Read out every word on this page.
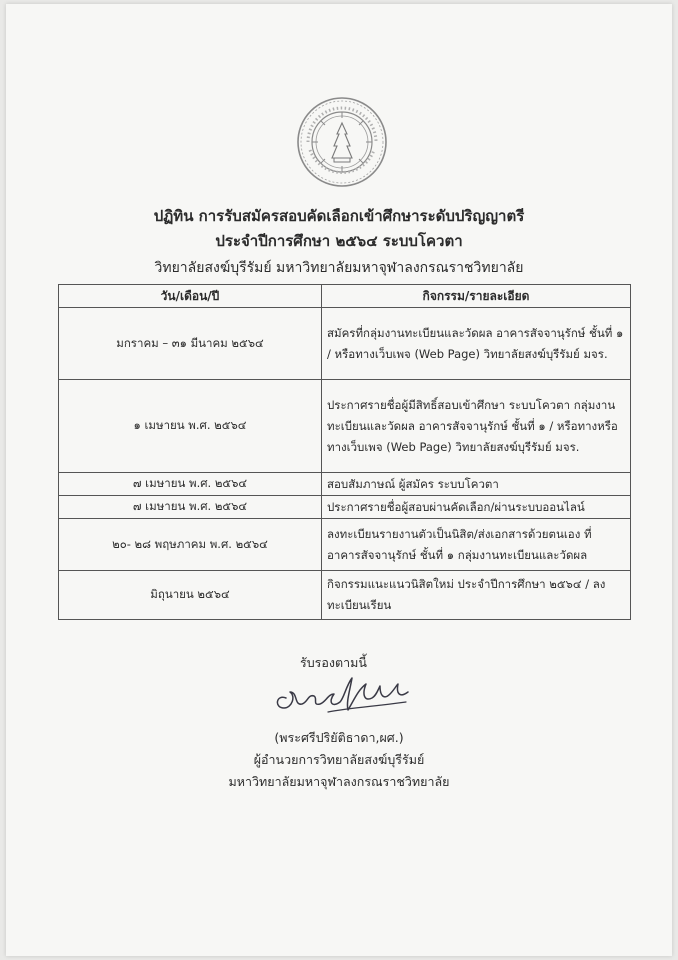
ปฏิทิน การรับสมัครสอบคัดเลือกเข้าศึกษาระดับปริญญาตรี
ประจำปีการศึกษา ๒๕๖๔ ระบบโควตา
วิทยาลัยสงฆ์บุรีรัมย์ มหาวิทยาลัยมหาจุฬาลงกรณราชวิทยาลัย
วัน/เดือน/ปี	กิจกรรม/รายละเอียด
มกราคม – ๓๑ มีนาคม ๒๕๖๔	สมัครที่กลุ่มงานทะเบียนและวัดผล อาคารสัจจานุรักษ์ ชั้นที่ ๑ / หรือทางเว็บเพจ (Web Page) วิทยาลัยสงฆ์บุรีรัมย์ มจร.
๑ เมษายน พ.ศ. ๒๕๖๔	ประกาศรายชื่อผู้มีสิทธิ์สอบเข้าศึกษา ระบบโควตา กลุ่มงานทะเบียนและวัดผล อาคารสัจจานุรักษ์ ชั้นที่ ๑ / หรือทางหรือทางเว็บเพจ (Web Page) วิทยาลัยสงฆ์บุรีรัมย์ มจร.
๗ เมษายน พ.ศ. ๒๕๖๔	สอบสัมภาษณ์ ผู้สมัคร ระบบโควตา
๗ เมษายน พ.ศ. ๒๕๖๔	ประกาศรายชื่อผู้สอบผ่านคัดเลือก/ผ่านระบบออนไลน์
๒๐- ๒๘ พฤษภาคม พ.ศ. ๒๕๖๔	ลงทะเบียนรายงานตัวเป็นนิสิต/ส่งเอกสารด้วยตนเอง ที่อาคารสัจจานุรักษ์ ชั้นที่ ๑ กลุ่มงานทะเบียนและวัดผล
มิถุนายน ๒๕๖๔	กิจกรรมแนะแนวนิสิตใหม่ ประจำปีการศึกษา ๒๕๖๔ / ลงทะเบียนเรียน
รับรองตามนี้
(พระศรีปริยัติธาดา,ผศ.)
ผู้อำนวยการวิทยาลัยสงฆ์บุรีรัมย์
มหาวิทยาลัยมหาจุฬาลงกรณราชวิทยาลัย
